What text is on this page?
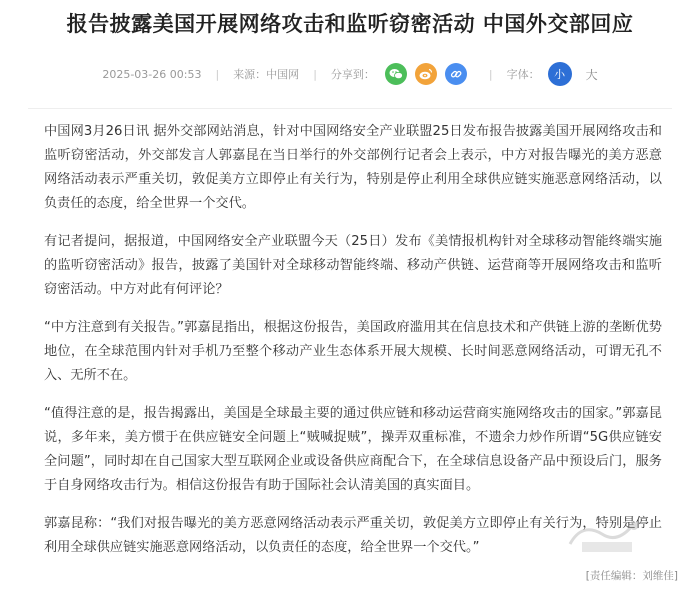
报告披露美国开展网络攻击和监听窃密活动 中国外交部回应
2025-03-26 00:53 | 来源：中国网 | 分享到：	| 字体：	小	大

中国网3月26日讯 据外交部网站消息，针对中国网络安全产业联盟25日发布报告披露美国开展网络攻击和监听窃密活动，外交部发言人郭嘉昆在当日举行的外交部例行记者会上表示，中方对报告曝光的美方恶意网络活动表示严重关切，敦促美方立即停止有关行为，特别是停止利用全球供应链实施恶意网络活动，以负责任的态度，给全世界一个交代。

有记者提问，据报道，中国网络安全产业联盟今天（25日）发布《美情报机构针对全球移动智能终端实施的监听窃密活动》报告，披露了美国针对全球移动智能终端、移动产供链、运营商等开展网络攻击和监听窃密活动。中方对此有何评论？

“中方注意到有关报告。”郭嘉昆指出，根据这份报告，美国政府滥用其在信息技术和产供链上游的垄断优势地位，在全球范围内针对手机乃至整个移动产业生态体系开展大规模、长时间恶意网络活动，可谓无孔不入、无所不在。

“值得注意的是，报告揭露出，美国是全球最主要的通过供应链和移动运营商实施网络攻击的国家。”郭嘉昆说，多年来，美方惯于在供应链安全问题上“贼喊捉贼”，操弄双重标准，不遗余力炒作所谓“5G供应链安全问题”，同时却在自己国家大型互联网企业或设备供应商配合下，在全球信息设备产品中预设后门，服务于自身网络攻击行为。相信这份报告有助于国际社会认清美国的真实面目。

郭嘉昆称：“我们对报告曝光的美方恶意网络活动表示严重关切，敦促美方立即停止有关行为，特别是停止利用全球供应链实施恶意网络活动，以负责任的态度，给全世界一个交代。”

[责任编辑：刘维佳]
